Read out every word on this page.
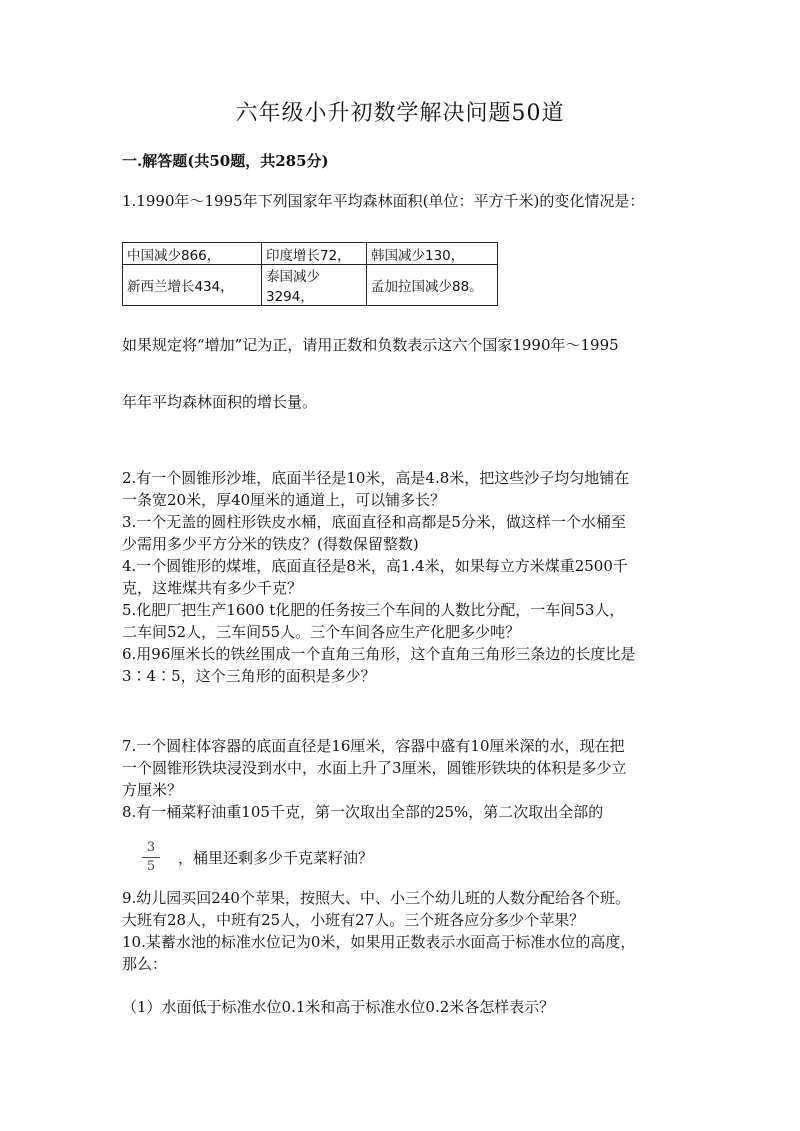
六年级小升初数学解决问题50道
一.解答题(共50题，共285分)
1.1990年～1995年下列国家年平均森林面积(单位：平方千米)的变化情况是：
中国减少866，	印度增长72，	韩国减少130，
新西兰增长434，	泰国减少3294，	孟加拉国减少88。
如果规定将“增加”记为正，请用正数和负数表示这六个国家1990年～1995
年年平均森林面积的增长量。
2.有一个圆锥形沙堆，底面半径是10米，高是4.8米，把这些沙子均匀地铺在
一条宽20米，厚40厘米的通道上，可以铺多长？
3.一个无盖的圆柱形铁皮水桶，底面直径和高都是5分米，做这样一个水桶至
少需用多少平方分米的铁皮？(得数保留整数)
4.一个圆锥形的煤堆，底面直径是8米，高1.4米，如果每立方米煤重2500千
克，这堆煤共有多少千克？
5.化肥厂把生产1600 t化肥的任务按三个车间的人数比分配，一车间53人，
二车间52人，三车间55人。三个车间各应生产化肥多少吨？
6.用96厘米长的铁丝围成一个直角三角形，这个直角三角形三条边的长度比是
3∶4∶5，这个三角形的面积是多少？
7.一个圆柱体容器的底面直径是16厘米，容器中盛有10厘米深的水，现在把
一个圆锥形铁块浸没到水中，水面上升了3厘米，圆锥形铁块的体积是多少立
方厘米？
8.有一桶菜籽油重105千克，第一次取出全部的25%，第二次取出全部的
3
5	，桶里还剩多少千克菜籽油？
9.幼儿园买回240个苹果，按照大、中、小三个幼儿班的人数分配给各个班。
大班有28人，中班有25人，小班有27人。三个班各应分多少个苹果？
10.某蓄水池的标准水位记为0米，如果用正数表示水面高于标准水位的高度，
那么：
（1）水面低于标准水位0.1米和高于标准水位0.2米各怎样表示？
